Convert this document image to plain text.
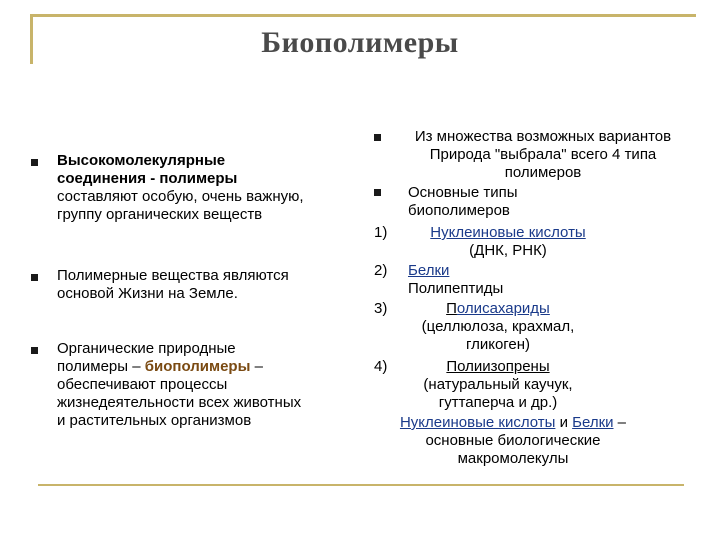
Биополимеры
Высокомолекулярные соединения - полимеры составляют особую, очень важную, группу органических веществ
Полимерные вещества являются основой Жизни на Земле.
Органические природные полимеры – биополимеры – обеспечивают процессы жизнедеятельности всех животных и растительных организмов
Из множества возможных вариантов Природа "выбрала" всего 4 типа полимеров
Основные типы биополимеров
1)	Нуклеиновые кислоты
(ДНК, РНК)
2) Белки
Полипептиды
3)	Полисахариды
(целлюлоза, крахмал, гликоген)
4)	Полиизопрены
(натуральный каучук, гуттаперча и др.)
Нуклеиновые кислоты и Белки – основные биологические
макромолекулы
